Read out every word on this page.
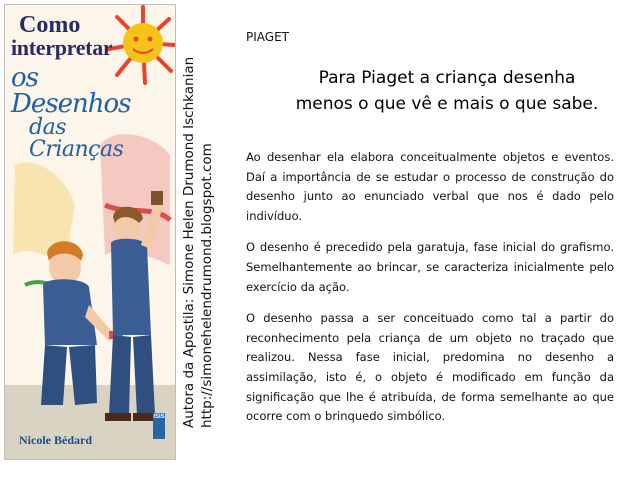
Como
interpretar
os Desenhos
das Crianças
ISIS
Nicole Bédard
Autora da Apostila: Simone Helen Drumond Ischkanian http://simonehelendrumond.blogspot.com
PIAGET
Para Piaget a criança desenha
menos o que vê e mais o que sabe.

Ao desenhar ela elabora conceitualmente objetos e eventos. Daí a importância de se estudar o processo de construção do desenho junto ao enunciado verbal que nos é dado pelo indivíduo.

O desenho é precedido pela garatuja, fase inicial do grafismo. Semelhantemente ao brincar, se caracteriza inicialmente pelo exercício da ação.

O desenho passa a ser conceituado como tal a partir do reconhecimento pela criança de um objeto no traçado que realizou. Nessa fase inicial, predomina no desenho a assimilação, isto é, o objeto é modificado em função da significação que lhe é atribuída, de forma semelhante ao que ocorre com o brinquedo simbólico.
